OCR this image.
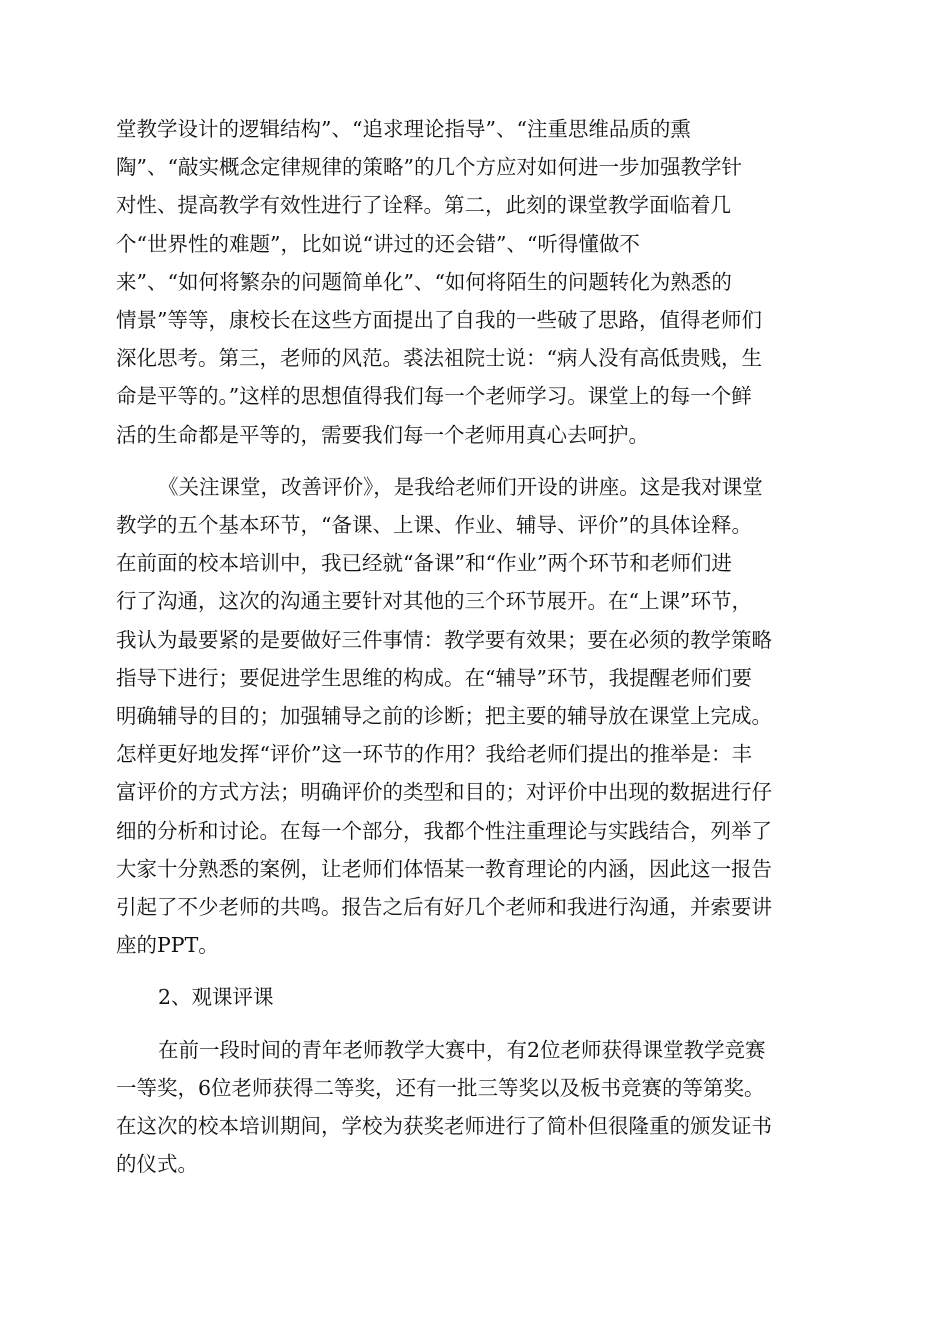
堂教学设计的逻辑结构”、“追求理论指导”、“注重思维品质的熏
陶”、“敲实概念定律规律的策略”的几个方应对如何进一步加强教学针
对性、提高教学有效性进行了诠释。第二，此刻的课堂教学面临着几
个“世界性的难题”，比如说“讲过的还会错”、“听得懂做不
来”、“如何将繁杂的问题简单化”、“如何将陌生的问题转化为熟悉的
情景”等等，康校长在这些方面提出了自我的一些破了思路，值得老师们
深化思考。第三，老师的风范。裘法祖院士说：“病人没有高低贵贱，生
命是平等的。”这样的思想值得我们每一个老师学习。课堂上的每一个鲜
活的生命都是平等的，需要我们每一个老师用真心去呵护。

《关注课堂，改善评价》，是我给老师们开设的讲座。这是我对课堂
教学的五个基本环节，“备课、上课、作业、辅导、评价”的具体诠释。
在前面的校本培训中，我已经就“备课”和“作业”两个环节和老师们进
行了沟通，这次的沟通主要针对其他的三个环节展开。在“上课”环节，
我认为最要紧的是要做好三件事情：教学要有效果；要在必须的教学策略
指导下进行；要促进学生思维的构成。在“辅导”环节，我提醒老师们要
明确辅导的目的；加强辅导之前的诊断；把主要的辅导放在课堂上完成。
怎样更好地发挥“评价”这一环节的作用？我给老师们提出的推举是：丰
富评价的方式方法；明确评价的类型和目的；对评价中出现的数据进行仔
细的分析和讨论。在每一个部分，我都个性注重理论与实践结合，列举了
大家十分熟悉的案例，让老师们体悟某一教育理论的内涵，因此这一报告
引起了不少老师的共鸣。报告之后有好几个老师和我进行沟通，并索要讲
座的PPT。

2、观课评课

在前一段时间的青年老师教学大赛中，有2位老师获得课堂教学竞赛
一等奖，6位老师获得二等奖，还有一批三等奖以及板书竞赛的等第奖。
在这次的校本培训期间，学校为获奖老师进行了简朴但很隆重的颁发证书
的仪式。
